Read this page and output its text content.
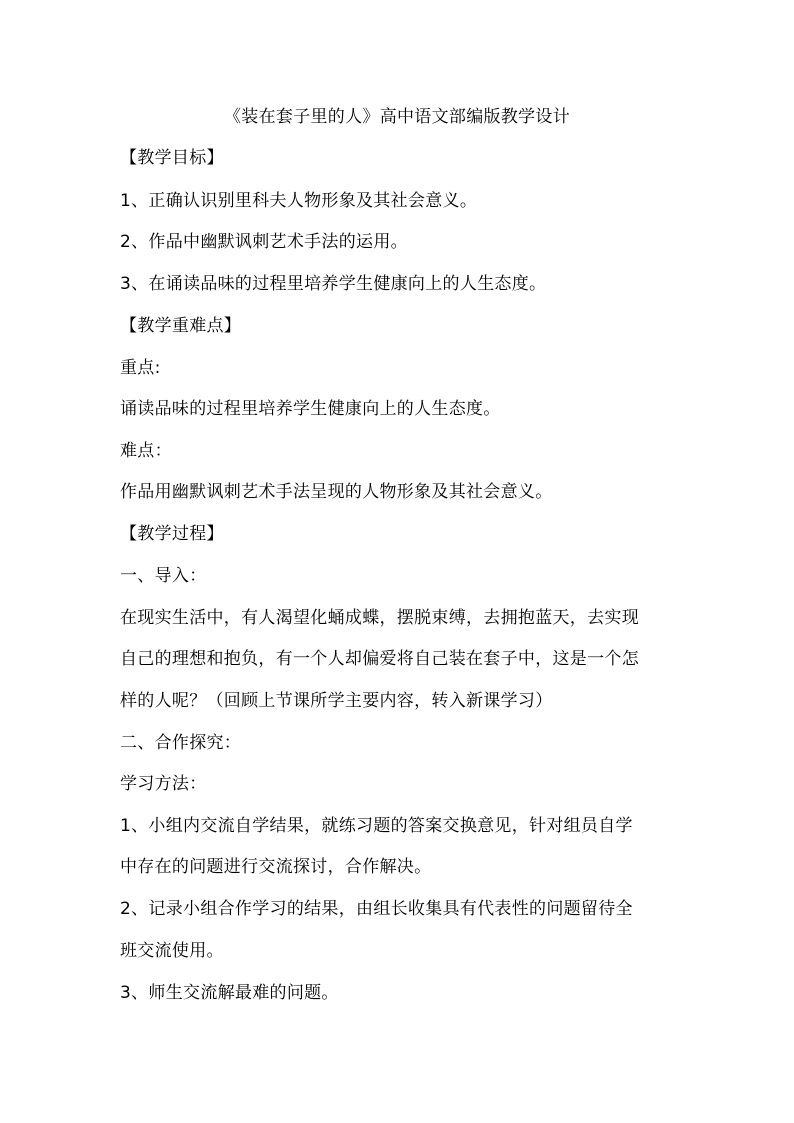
《装在套子里的人》高中语文部编版教学设计
【教学目标】
1、正确认识别里科夫人物形象及其社会意义。
2、作品中幽默讽刺艺术手法的运用。
3、在诵读品味的过程里培养学生健康向上的人生态度。
【教学重难点】
重点:
诵读品味的过程里培养学生健康向上的人生态度。
难点：
作品用幽默讽刺艺术手法呈现的人物形象及其社会意义。
【教学过程】
一、导入：
在现实生活中，有人渴望化蛹成蝶，摆脱束缚，去拥抱蓝天，去实现
自己的理想和抱负，有一个人却偏爱将自己装在套子中，这是一个怎
样的人呢？（回顾上节课所学主要内容，转入新课学习）
二、合作探究：
学习方法：
1、小组内交流自学结果，就练习题的答案交换意见，针对组员自学
中存在的问题进行交流探讨，合作解决。
2、记录小组合作学习的结果，由组长收集具有代表性的问题留待全
班交流使用。
3、师生交流解最难的问题。
